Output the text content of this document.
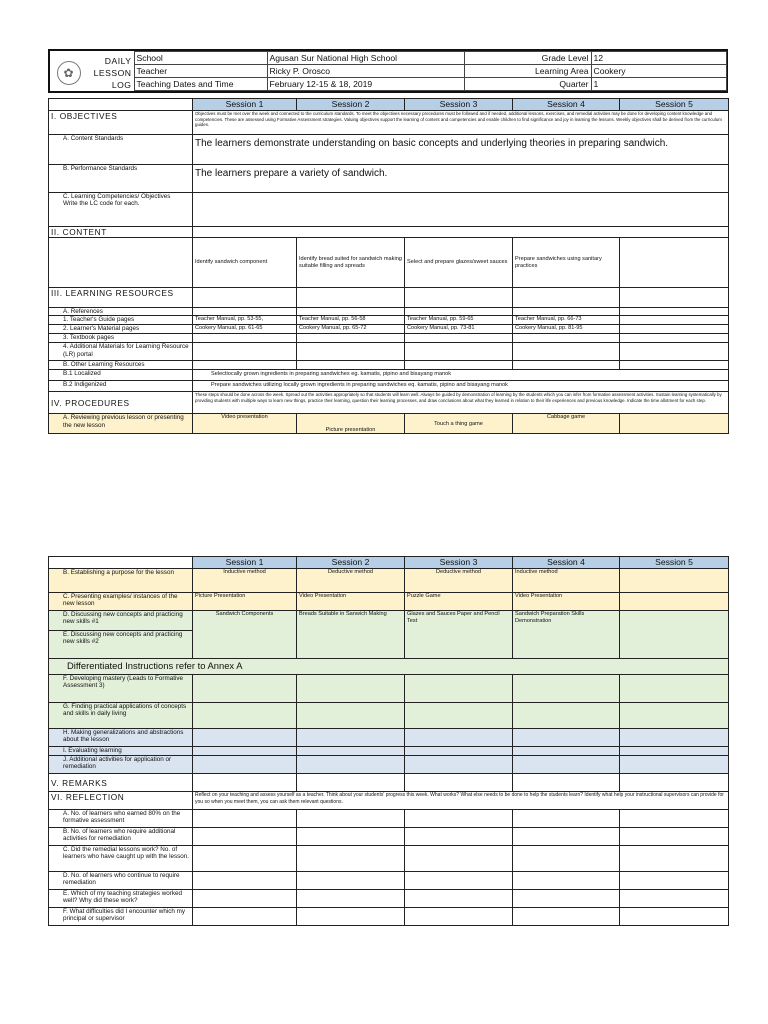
✿	DAILY
LESSON
LOG	School	Agusan Sur National High School	Grade Level	12
		Teacher	Ricky P. Orosco	Learning Area	Cookery
		Teaching Dates and Time	February 12-15 & 18, 2019	Quarter	1
	Session 1	Session 2	Session 3	Session 4	Session 5
I. OBJECTIVES	Objectives must be met over the week and connected to the curriculum standards. To meet the objectives necessary procedures must be followed and if needed, additional lessons, exercises, and remedial activities may be done for developing content knowledge and competencies. These are assessed using Formative Assessment strategies. Valuing objectives support the learning of content and competencies and enable children to find significance and joy in learning the lessons. Weekly objectives shall be derived from the curriculum guides.				
A. Content Standards	The learners demonstrate understanding on basic concepts and underlying theories in preparing sandwich.				
B. Performance Standards	The learners prepare a variety of sandwich.				

C. Learning Competencies/ Objectives
Write the LC code for each.					

II. CONTENT					
	Identify sandwich component	Identify bread suited for sandwich making suitable filling and spreads	Select and prepare glazes/sweet sauces	Prepare sandwiches using sanitary practices	
III. LEARNING RESOURCES					
A. References					
1. Teacher's Guide pages	Teacher Manual, pp. 53-55,	Teacher Manual, pp. 56-58	Teacher Manual, pp. 59-65	Teacher Manual, pp. 66-73	
2. Learner's Material pages	Cookery Manual, pp. 61-65	Cookery Manual, pp. 65-72	Cookery Manual, pp. 73-81	Cookery Manual, pp. 81-95	
3. Textbook pages					
4. Additional Materials for Learning Resource (LR) portal					
B. Other Learning Resources					
B.1 Localized	Selectiocally grown ingredients in preparing sandwiches eg. kamatis, pipino and bisayang manok				
B.2 Indigenized	Prepare sandwiches utilizing locally grown ingredients in preparing sandwiches eq. kamatis, pipino and bisayang manok				
IV. PROCEDURES	These steps should be done across the week. Spread out the activities appropriately so that students will learn well. Always be guided by demonstration of learning by the students which you can infer from formative assessment activities. Sustain learning systematically by providing students with multiple ways to learn new things, practice their learning, question their learning processes, and draw conclusions about what they learned in relation to their life experiences and previous knowledge. Indicate the time allotment for each step.				
A. Reviewing previous lesson or presenting the new lesson	Video presentation	Picture presentation	Touch a thing game	Cabbage game	
	Session 1	Session 2	Session 3	Session 4	Session 5
B. Establishing a purpose for the lesson	Inductive method	Deductive method	Deductive method	Inductive method	
C. Presenting examples/ instances of the new lesson	Picture Presentation	Video Presentation	Puzzle Game	Video Presentation	
D. Discussing new concepts and practicing new skills #1	Sandwich Components	Breads Suitable in Sanwich Making	Glazes and Sauces Paper and Pencil Test	Sandwich Preparation Skills Demonstration	
E. Discussing new concepts and practicing new skills #2					
Differentiated Instructions refer to Annex A					
F. Developing mastery (Leads to Formative Assessment 3)					
G. Finding practical applications of concepts and skills in daily living					
H. Making generalizations and abstractions about the lesson					
I. Evaluating learning					
J. Additional activities for application or remediation					
V. REMARKS					
VI. REFLECTION	Reflect on your teaching and assess yourself as a teacher. Think about your students' progress this week. What works? What else needs to be done to help the students learn? Identify what help your instructional supervisors can provide for you so when you meet them, you can ask them relevant questions.				
A. No. of learners who earned 80% on the formative assessment					
B. No. of learners who require additional activities for remediation					
C. Did the remedial lessons work? No. of learners who have caught up with the lesson.					
D. No. of learners who continue to require remediation					
E. Which of my teaching strategies worked well? Why did these work?					
F. What difficulties did I encounter which my principal or supervisor					
